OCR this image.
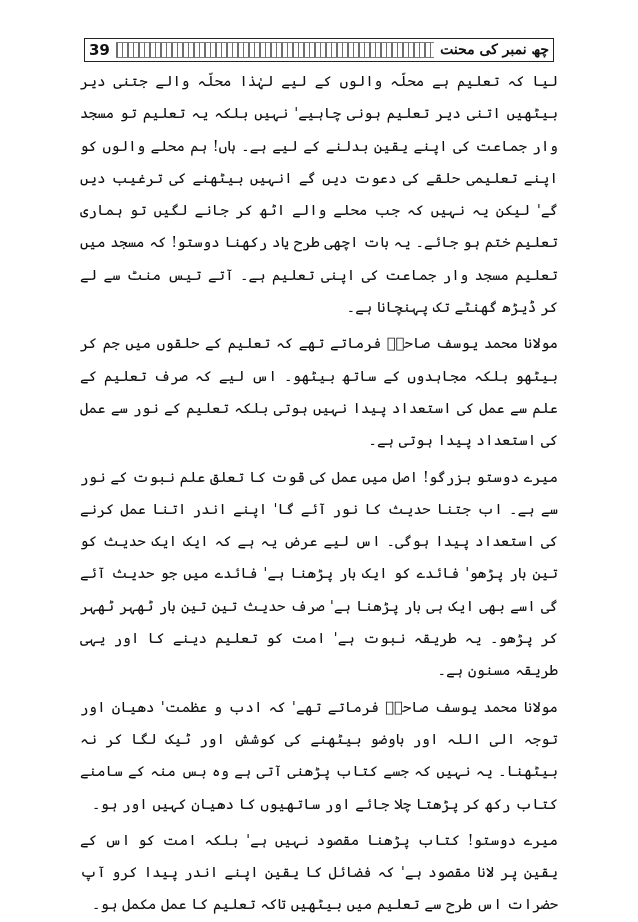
39	چھ نمبر کی محنت

لیا کہ تعلیم ہے محلّہ والوں کے لیے لہٰذا محلّہ والے جتنی دیر بیٹھیں اتنی دیر تعلیم ہونی چاہیے' نہیں بلکہ یہ تعلیم تو مسجد وار جماعت کی اپنے یقین بدلنے کے لیے ہے۔ ہاں! ہم محلے والوں کو اپنے تعلیمی حلقے کی دعوت دیں گے انہیں بیٹھنے کی ترغیب دیں گے' لیکن یہ نہیں کہ جب محلے والے اٹھ کر جانے لگیں تو ہماری تعلیم ختم ہو جائے۔ یہ بات اچھی طرح یاد رکھنا دوستو! کہ مسجد میں تعلیم مسجد وار جماعت کی اپنی تعلیم ہے۔ آتے تیس منٹ سے لے کر ڈیڑھ گھنٹے تک پہنچانا ہے۔

مولانا محمد یوسف صاحبؒ فرماتے تھے کہ تعلیم کے حلقوں میں جم کر بیٹھو بلکہ مجاہدوں کے ساتھ بیٹھو۔ اس لیے کہ صرف تعلیم کے علم سے عمل کی استعداد پیدا نہیں ہوتی بلکہ تعلیم کے نور سے عمل کی استعداد پیدا ہوتی ہے۔

میرے دوستو بزرگو! اصل میں عمل کی قوت کا تعلق علم نبوت کے نور سے ہے۔ اب جتنا حدیث کا نور آئے گا' اپنے اندر اتنا عمل کرنے کی استعداد پیدا ہوگی۔ اس لیے عرض یہ ہے کہ ایک ایک حدیث کو تین بار پڑھو' فائدے کو ایک بار پڑھنا ہے' فائدے میں جو حدیث آئے گی اسے بھی ایک ہی بار پڑھنا ہے' صرف حدیث تین تین بار ٹھہر ٹھہر کر پڑھو۔ یہ طریقہ نبوت ہے' امت کو تعلیم دینے کا اور یہی طریقہ مسنون ہے۔

مولانا محمد یوسف صاحبؒ فرماتے تھے' کہ ادب و عظمت' دھیان اور توجہ الی اللہ اور باوضو بیٹھنے کی کوشش اور ٹیک لگا کر نہ بیٹھنا۔ یہ نہیں کہ جسے کتاب پڑھنی آتی ہے وہ بس منہ کے سامنے کتاب رکھ کر پڑھتا چلا جائے اور ساتھیوں کا دھیان کہیں اور ہو۔

میرے دوستو! کتاب پڑھنا مقصود نہیں ہے' بلکہ امت کو اس کے یقین پر لانا مقصود ہے' کہ فضائل کا یقین اپنے اندر پیدا کرو آپ حضرات اس طرح سے تعلیم میں بیٹھیں تاکہ تعلیم کا عمل مکمل ہو۔
